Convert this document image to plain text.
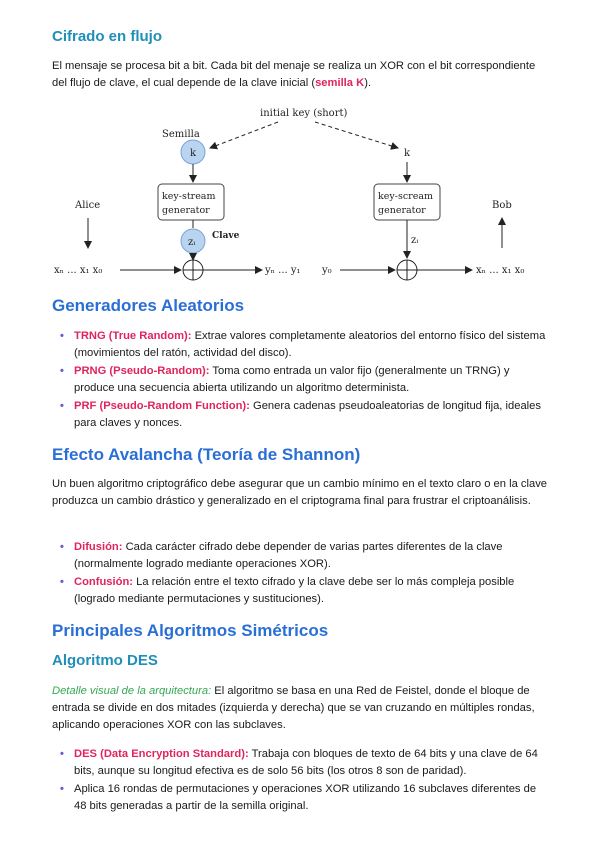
Cifrado en flujo

El mensaje se procesa bit a bit. Cada bit del menaje se realiza un XOR con el bit correspondiente del flujo de clave, el cual depende de la clave inicial (semilla K).

initial key (short)
Semilla
k
key-stream
generator
zᵢ
Clave
Alice
xₙ ... x₁ x₀	yₙ ... y₁ y₀
k
key-scream
generator
zᵢ
xₙ ... x₁ x₀
Bob
Generadores Aleatorios
• TRNG (True Random): Extrae valores completamente aleatorios del entorno físico del sistema (movimientos del ratón, actividad del disco).
• PRNG (Pseudo-Random): Toma como entrada un valor fijo (generalmente un TRNG) y produce una secuencia abierta utilizando un algoritmo determinista.
• PRF (Pseudo-Random Function): Genera cadenas pseudoaleatorias de longitud fija, ideales para claves y nonces.
Efecto Avalancha (Teoría de Shannon)

Un buen algoritmo criptográfico debe asegurar que un cambio mínimo en el texto claro o en la clave produzca un cambio drástico y generalizado en el criptograma final para frustrar el criptoanálisis.

• Difusión: Cada carácter cifrado debe depender de varias partes diferentes de la clave (normalmente logrado mediante operaciones XOR).
• Confusión: La relación entre el texto cifrado y la clave debe ser lo más compleja posible (logrado mediante permutaciones y sustituciones).
Principales Algoritmos Simétricos
Algoritmo DES

Detalle visual de la arquitectura: El algoritmo se basa en una Red de Feistel, donde el bloque de entrada se divide en dos mitades (izquierda y derecha) que se van cruzando en múltiples rondas, aplicando operaciones XOR con las subclaves.

• DES (Data Encryption Standard): Trabaja con bloques de texto de 64 bits y una clave de 64 bits, aunque su longitud efectiva es de solo 56 bits (los otros 8 son de paridad).
• Aplica 16 rondas de permutaciones y operaciones XOR utilizando 16 subclaves diferentes de 48 bits generadas a partir de la semilla original.
